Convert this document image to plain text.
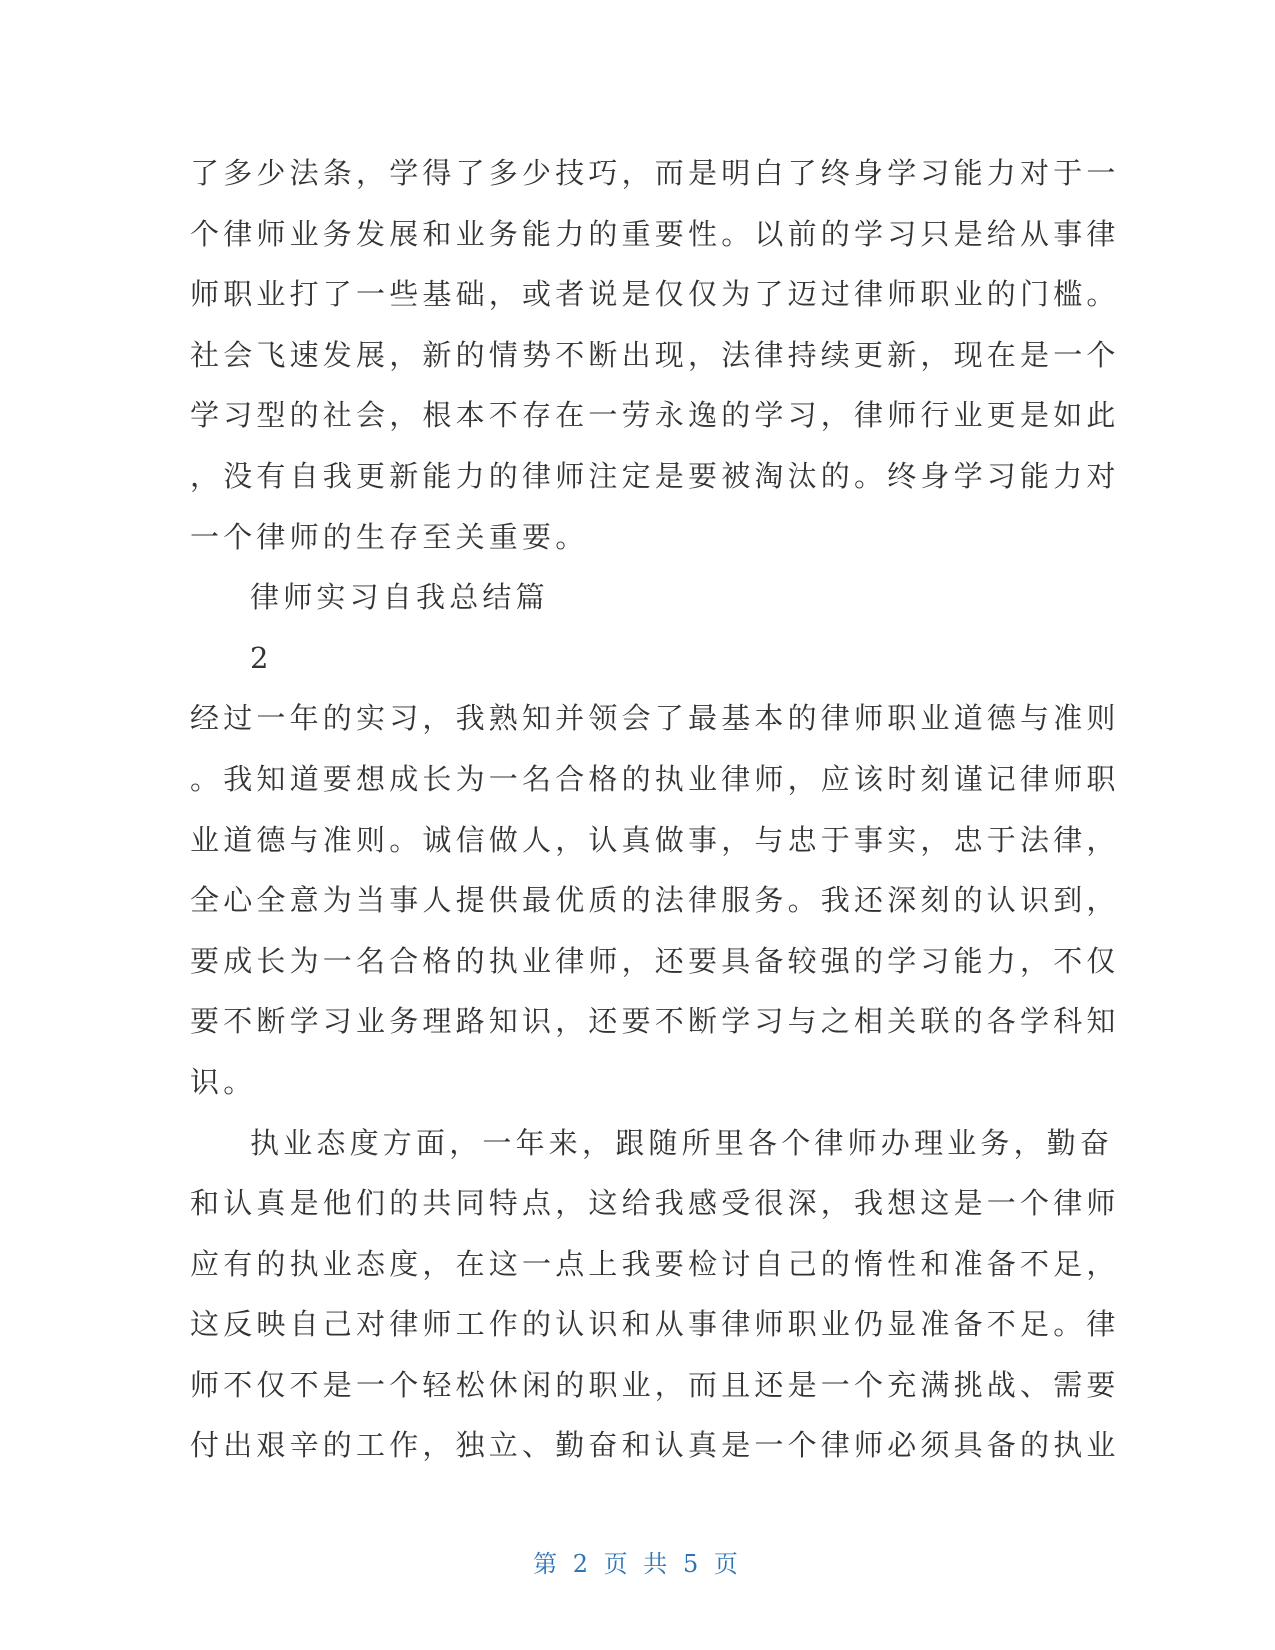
了多少法条，学得了多少技巧，而是明白了终身学习能力对于一
个律师业务发展和业务能力的重要性。以前的学习只是给从事律
师职业打了一些基础，或者说是仅仅为了迈过律师职业的门槛。
社会飞速发展，新的情势不断出现，法律持续更新，现在是一个
学习型的社会，根本不存在一劳永逸的学习，律师行业更是如此
，没有自我更新能力的律师注定是要被淘汰的。终身学习能力对
一个律师的生存至关重要。
律师实习自我总结篇
2
经过一年的实习，我熟知并领会了最基本的律师职业道德与准则
。我知道要想成长为一名合格的执业律师，应该时刻谨记律师职
业道德与准则。诚信做人，认真做事，与忠于事实，忠于法律，
全心全意为当事人提供最优质的法律服务。我还深刻的认识到，
要成长为一名合格的执业律师，还要具备较强的学习能力，不仅
要不断学习业务理路知识，还要不断学习与之相关联的各学科知
识。
执业态度方面，一年来，跟随所里各个律师办理业务，勤奋
和认真是他们的共同特点，这给我感受很深，我想这是一个律师
应有的执业态度，在这一点上我要检讨自己的惰性和准备不足，
这反映自己对律师工作的认识和从事律师职业仍显准备不足。律
师不仅不是一个轻松休闲的职业，而且还是一个充满挑战、需要
付出艰辛的工作，独立、勤奋和认真是一个律师必须具备的执业
第 2 页 共 5 页
